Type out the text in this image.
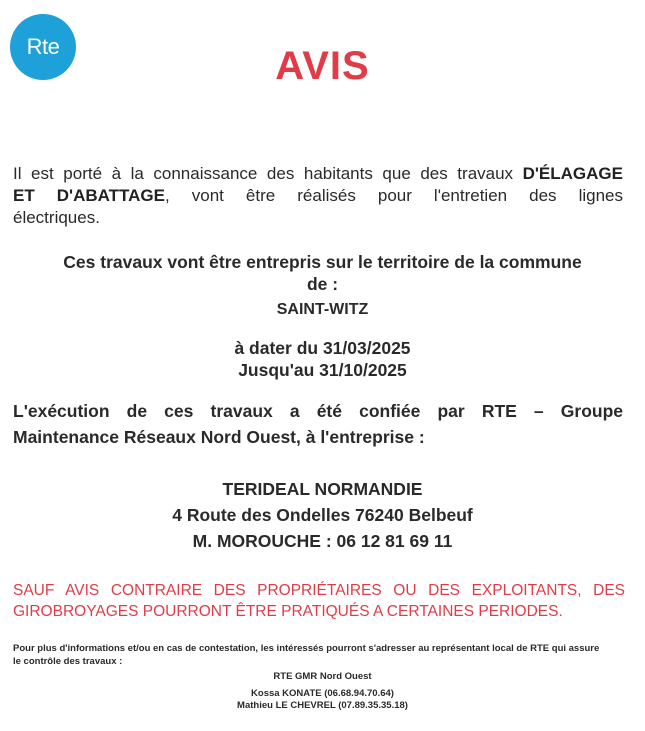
Rte	AVIS
Il est porté à la connaissance des habitants que des travaux D'ÉLAGAGE
ET D'ABATTAGE, vont être réalisés pour l'entretien des lignes
électriques.
Ces travaux vont être entrepris sur le territoire de la commune
de :
SAINT-WITZ
à dater du 31/03/2025
Jusqu'au 31/10/2025
L'exécution de ces travaux a été confiée par RTE – Groupe
Maintenance Réseaux Nord Ouest, à l'entreprise :
TERIDEAL NORMANDIE
4 Route des Ondelles 76240 Belbeuf
M. MOROUCHE : 06 12 81 69 11
SAUF AVIS CONTRAIRE DES PROPRIÉTAIRES OU DES EXPLOITANTS, DES
GIROBROYAGES POURRONT ÊTRE PRATIQUÉS A CERTAINES PERIODES.
Pour plus d'informations et/ou en cas de contestation, les intéressés pourront s'adresser au représentant local de RTE qui assure
le contrôle des travaux :
RTE GMR Nord Ouest
Kossa KONATE (06.68.94.70.64)
Mathieu LE CHEVREL (07.89.35.35.18)
